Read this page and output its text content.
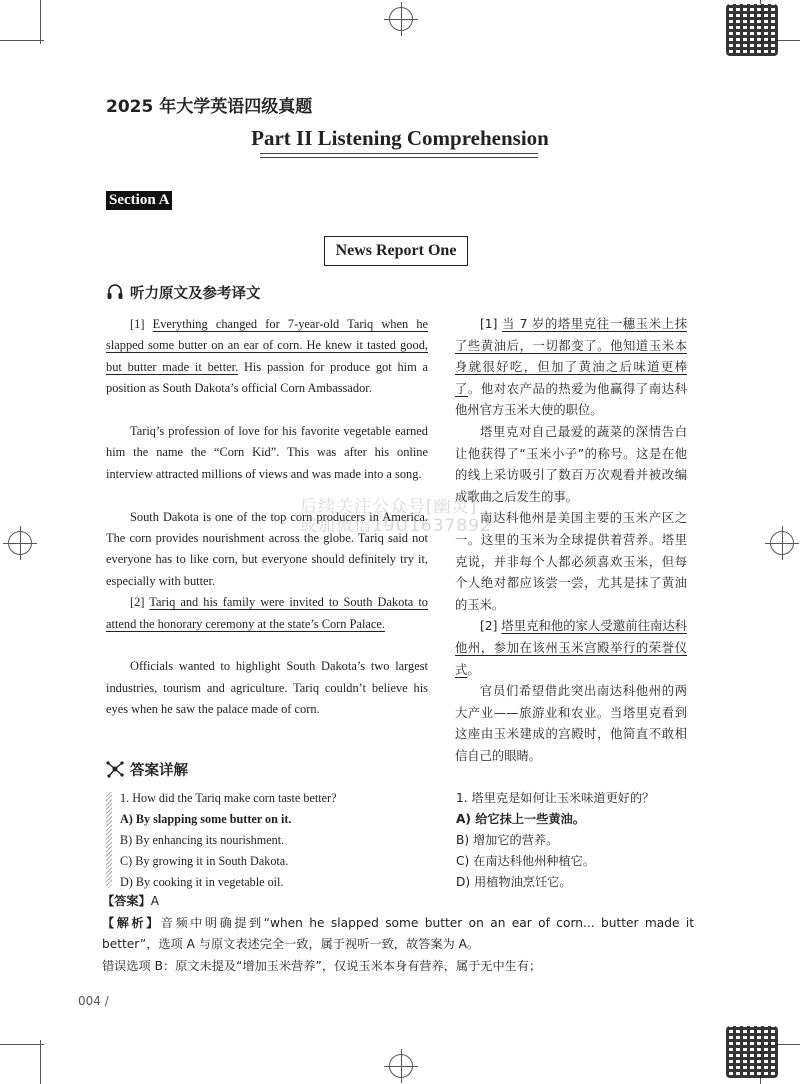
2025 年大学英语四级真题
Part II Listening Comprehension
Section A
News Report One
听力原文及参考译文

[1] Everything changed for 7-year-old Tariq when he slapped some butter on an ear of corn. He knew it tasted good, but butter made it better. His passion for produce got him a position as South Dakota’s official Corn Ambassador.

Tariq’s profession of love for his favorite vegetable earned him the name the “Corn Kid”. This was after his online interview attracted millions of views and was made into a song.

South Dakota is one of the top corn producers in America. The corn provides nourishment across the globe. Tariq said not everyone has to like corn, but everyone should definitely try it, especially with butter.

[2] Tariq and his family were invited to South Dakota to attend the honorary ceremony at the state’s Corn Palace.

Officials wanted to highlight South Dakota’s two largest industries, tourism and agriculture. Tariq couldn’t believe his eyes when he saw the palace made of corn.

[1] 当 7 岁的塔里克往一穗玉米上抹了些黄油后，一切都变了。他知道玉米本身就很好吃，但加了黄油之后味道更棒了。他对农产品的热爱为他赢得了南达科他州官方玉米大使的职位。

塔里克对自己最爱的蔬菜的深情告白让他获得了“玉米小子”的称号。这是在他的线上采访吸引了数百万次观看并被改编成歌曲之后发生的事。

南达科他州是美国主要的玉米产区之一。这里的玉米为全球提供着营养。塔里克说，并非每个人都必须喜欢玉米，但每个人绝对都应该尝一尝，尤其是抹了黄油的玉米。

[2] 塔里克和他的家人受邀前往南达科他州，参加在该州玉米宫殿举行的荣誉仪式。

官员们希望借此突出南达科他州的两大产业——旅游业和农业。当塔里克看到这座由玉米建成的宫殿时，他简直不敢相信自己的眼睛。

后续关注公众号[幽灵]
或加微信19U1637892
答案详解
1. How did the Tariq make corn taste better?
A) By slapping some butter on it.
B) By enhancing its nourishment.
C) By growing it in South Dakota.
D) By cooking it in vegetable oil.
1. 塔里克是如何让玉米味道更好的？
A) 给它抹上一些黄油。
B) 增加它的营养。
C) 在南达科他州种植它。
D) 用植物油烹饪它。
【答案】A
【解析】音频中明确提到“when he slapped some butter on an ear of corn... butter made it better”，选项 A 与原文表述完全一致，属于视听一致，故答案为 A。
错误选项 B：原文未提及“增加玉米营养”，仅说玉米本身有营养，属于无中生有；
004 /
